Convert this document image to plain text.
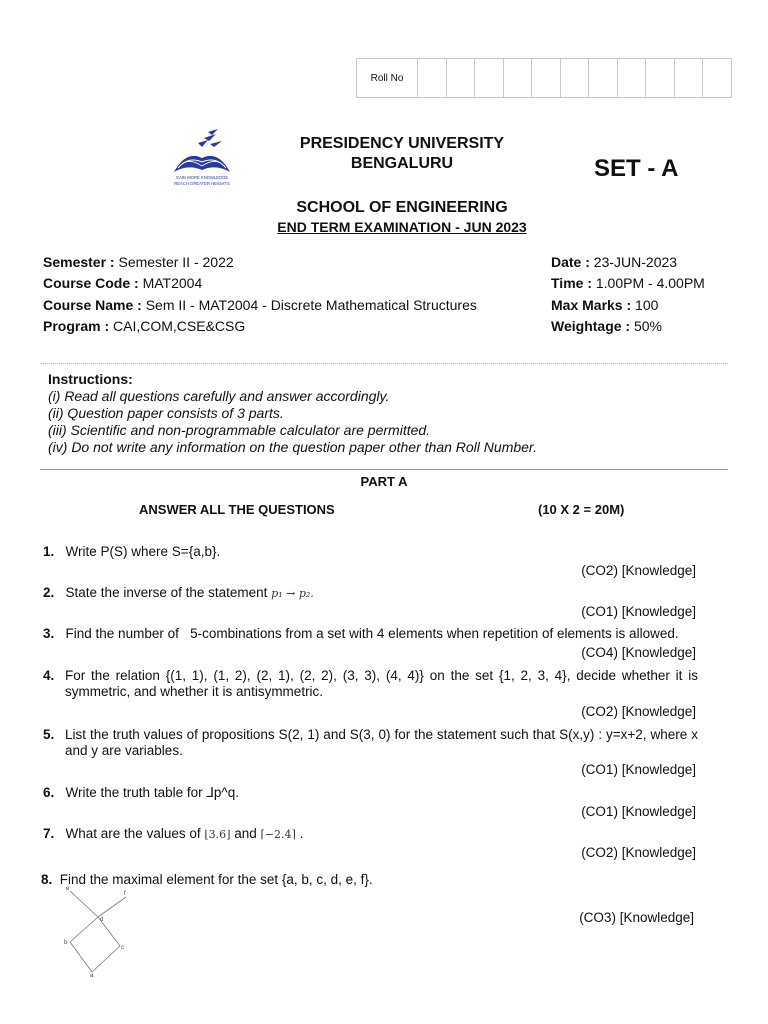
Roll No
GAIN MORE KNOWLEDGE
REACH GREATER HEIGHTS
PRESIDENCY UNIVERSITY
BENGALURU	SET - A
SCHOOL OF ENGINEERING
END TERM EXAMINATION - JUN 2023
Semester : Semester II - 2022
Course Code : MAT2004
Course Name : Sem II - MAT2004 - Discrete Mathematical Structures
Program : CAI,COM,CSE&CSG
Date : 23-JUN-2023
Time : 1.00PM - 4.00PM
Max Marks : 100
Weightage : 50%
Instructions:
(i) Read all questions carefully and answer accordingly.
(ii) Question paper consists of 3 parts.
(iii) Scientific and non-programmable calculator are permitted.
(iv) Do not write any information on the question paper other than Roll Number.
PART A
ANSWER ALL THE QUESTIONS	(10 X 2 = 20M)
1. Write P(S) where S={a,b}.
(CO2) [Knowledge]
2. State the inverse of the statement p₁ → p₂.
(CO1) [Knowledge]
3. Find the number of   5-combinations from a set with 4 elements when repetition of elements is allowed.
(CO4) [Knowledge]
4. For the relation {(1, 1), (1, 2), (2, 1), (2, 2), (3, 3), (4, 4)} on the set {1, 2, 3, 4}, decide whether it is symmetric, and whether it is antisymmetric.
(CO2) [Knowledge]
5. List the truth values of propositions S(2, 1) and S(3, 0) for the statement such that S(x,y) : y=x+2, where x and y are variables.
(CO1) [Knowledge]
6. Write the truth table for ⅃p^q.
(CO1) [Knowledge]
7. What are the values of ⌊3.6⌋ and ⌈−2.4⌉ .
(CO2) [Knowledge]
8. Find the maximal element for the set {a, b, c, d, e, f}.
(CO3) [Knowledge]
e
f
d
b
c
a
